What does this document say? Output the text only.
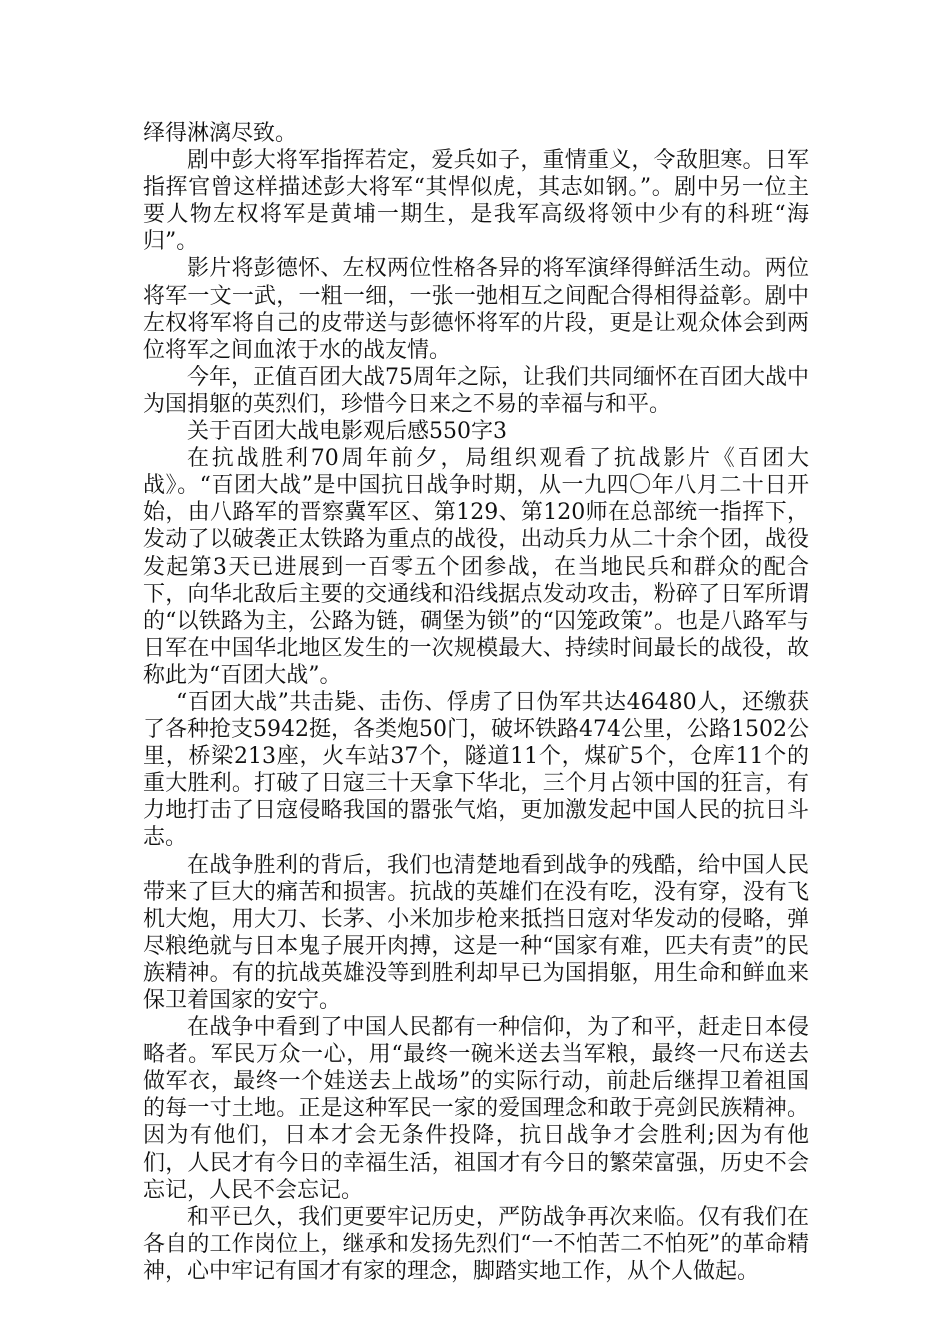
绎得淋漓尽致。

剧中彭大将军指挥若定，爱兵如子，重情重义，令敌胆寒。日军指挥官曾这样描述彭大将军“其悍似虎，其志如钢。”。剧中另一位主要人物左权将军是黄埔一期生，是我军高级将领中少有的科班“海归”。

影片将彭德怀、左权两位性格各异的将军演绎得鲜活生动。两位将军一文一武，一粗一细，一张一弛相互之间配合得相得益彰。剧中左权将军将自己的皮带送与彭德怀将军的片段，更是让观众体会到两位将军之间血浓于水的战友情。

今年，正值百团大战75周年之际，让我们共同缅怀在百团大战中为国捐躯的英烈们，珍惜今日来之不易的幸福与和平。

关于百团大战电影观后感550字3

在抗战胜利70周年前夕，局组织观看了抗战影片《百团大战》。“百团大战”是中国抗日战争时期，从一九四〇年八月二十日开始，由八路军的晋察冀军区、第129、第120师在总部统一指挥下，发动了以破袭正太铁路为重点的战役，出动兵力从二十余个团，战役发起第3天已进展到一百零五个团参战，在当地民兵和群众的配合下，向华北敌后主要的交通线和沿线据点发动攻击，粉碎了日军所谓的“以铁路为主，公路为链，碉堡为锁”的“囚笼政策”。也是八路军与日军在中国华北地区发生的一次规模最大、持续时间最长的战役，故称此为“百团大战”。

“百团大战”共击毙、击伤、俘虏了日伪军共达46480人，还缴获了各种抢支5942挺，各类炮50门，破坏铁路474公里，公路1502公里，桥梁213座，火车站37个，隧道11个，煤矿5个，仓库11个的重大胜利。打破了日寇三十天拿下华北，三个月占领中国的狂言，有力地打击了日寇侵略我国的嚣张气焰，更加激发起中国人民的抗日斗志。

在战争胜利的背后，我们也清楚地看到战争的残酷，给中国人民带来了巨大的痛苦和损害。抗战的英雄们在没有吃，没有穿，没有飞机大炮，用大刀、长茅、小米加步枪来抵挡日寇对华发动的侵略，弹尽粮绝就与日本鬼子展开肉搏，这是一种“国家有难，匹夫有责”的民族精神。有的抗战英雄没等到胜利却早已为国捐躯，用生命和鲜血来保卫着国家的安宁。

在战争中看到了中国人民都有一种信仰，为了和平，赶走日本侵略者。军民万众一心，用“最终一碗米送去当军粮，最终一尺布送去做军衣，最终一个娃送去上战场”的实际行动，前赴后继捍卫着祖国的每一寸土地。正是这种军民一家的爱国理念和敢于亮剑民族精神。因为有他们，日本才会无条件投降，抗日战争才会胜利;因为有他们，人民才有今日的幸福生活，祖国才有今日的繁荣富强，历史不会忘记，人民不会忘记。

和平已久，我们更要牢记历史，严防战争再次来临。仅有我们在各自的工作岗位上，继承和发扬先烈们“一不怕苦二不怕死”的革命精神，心中牢记有国才有家的理念，脚踏实地工作，从个人做起。
